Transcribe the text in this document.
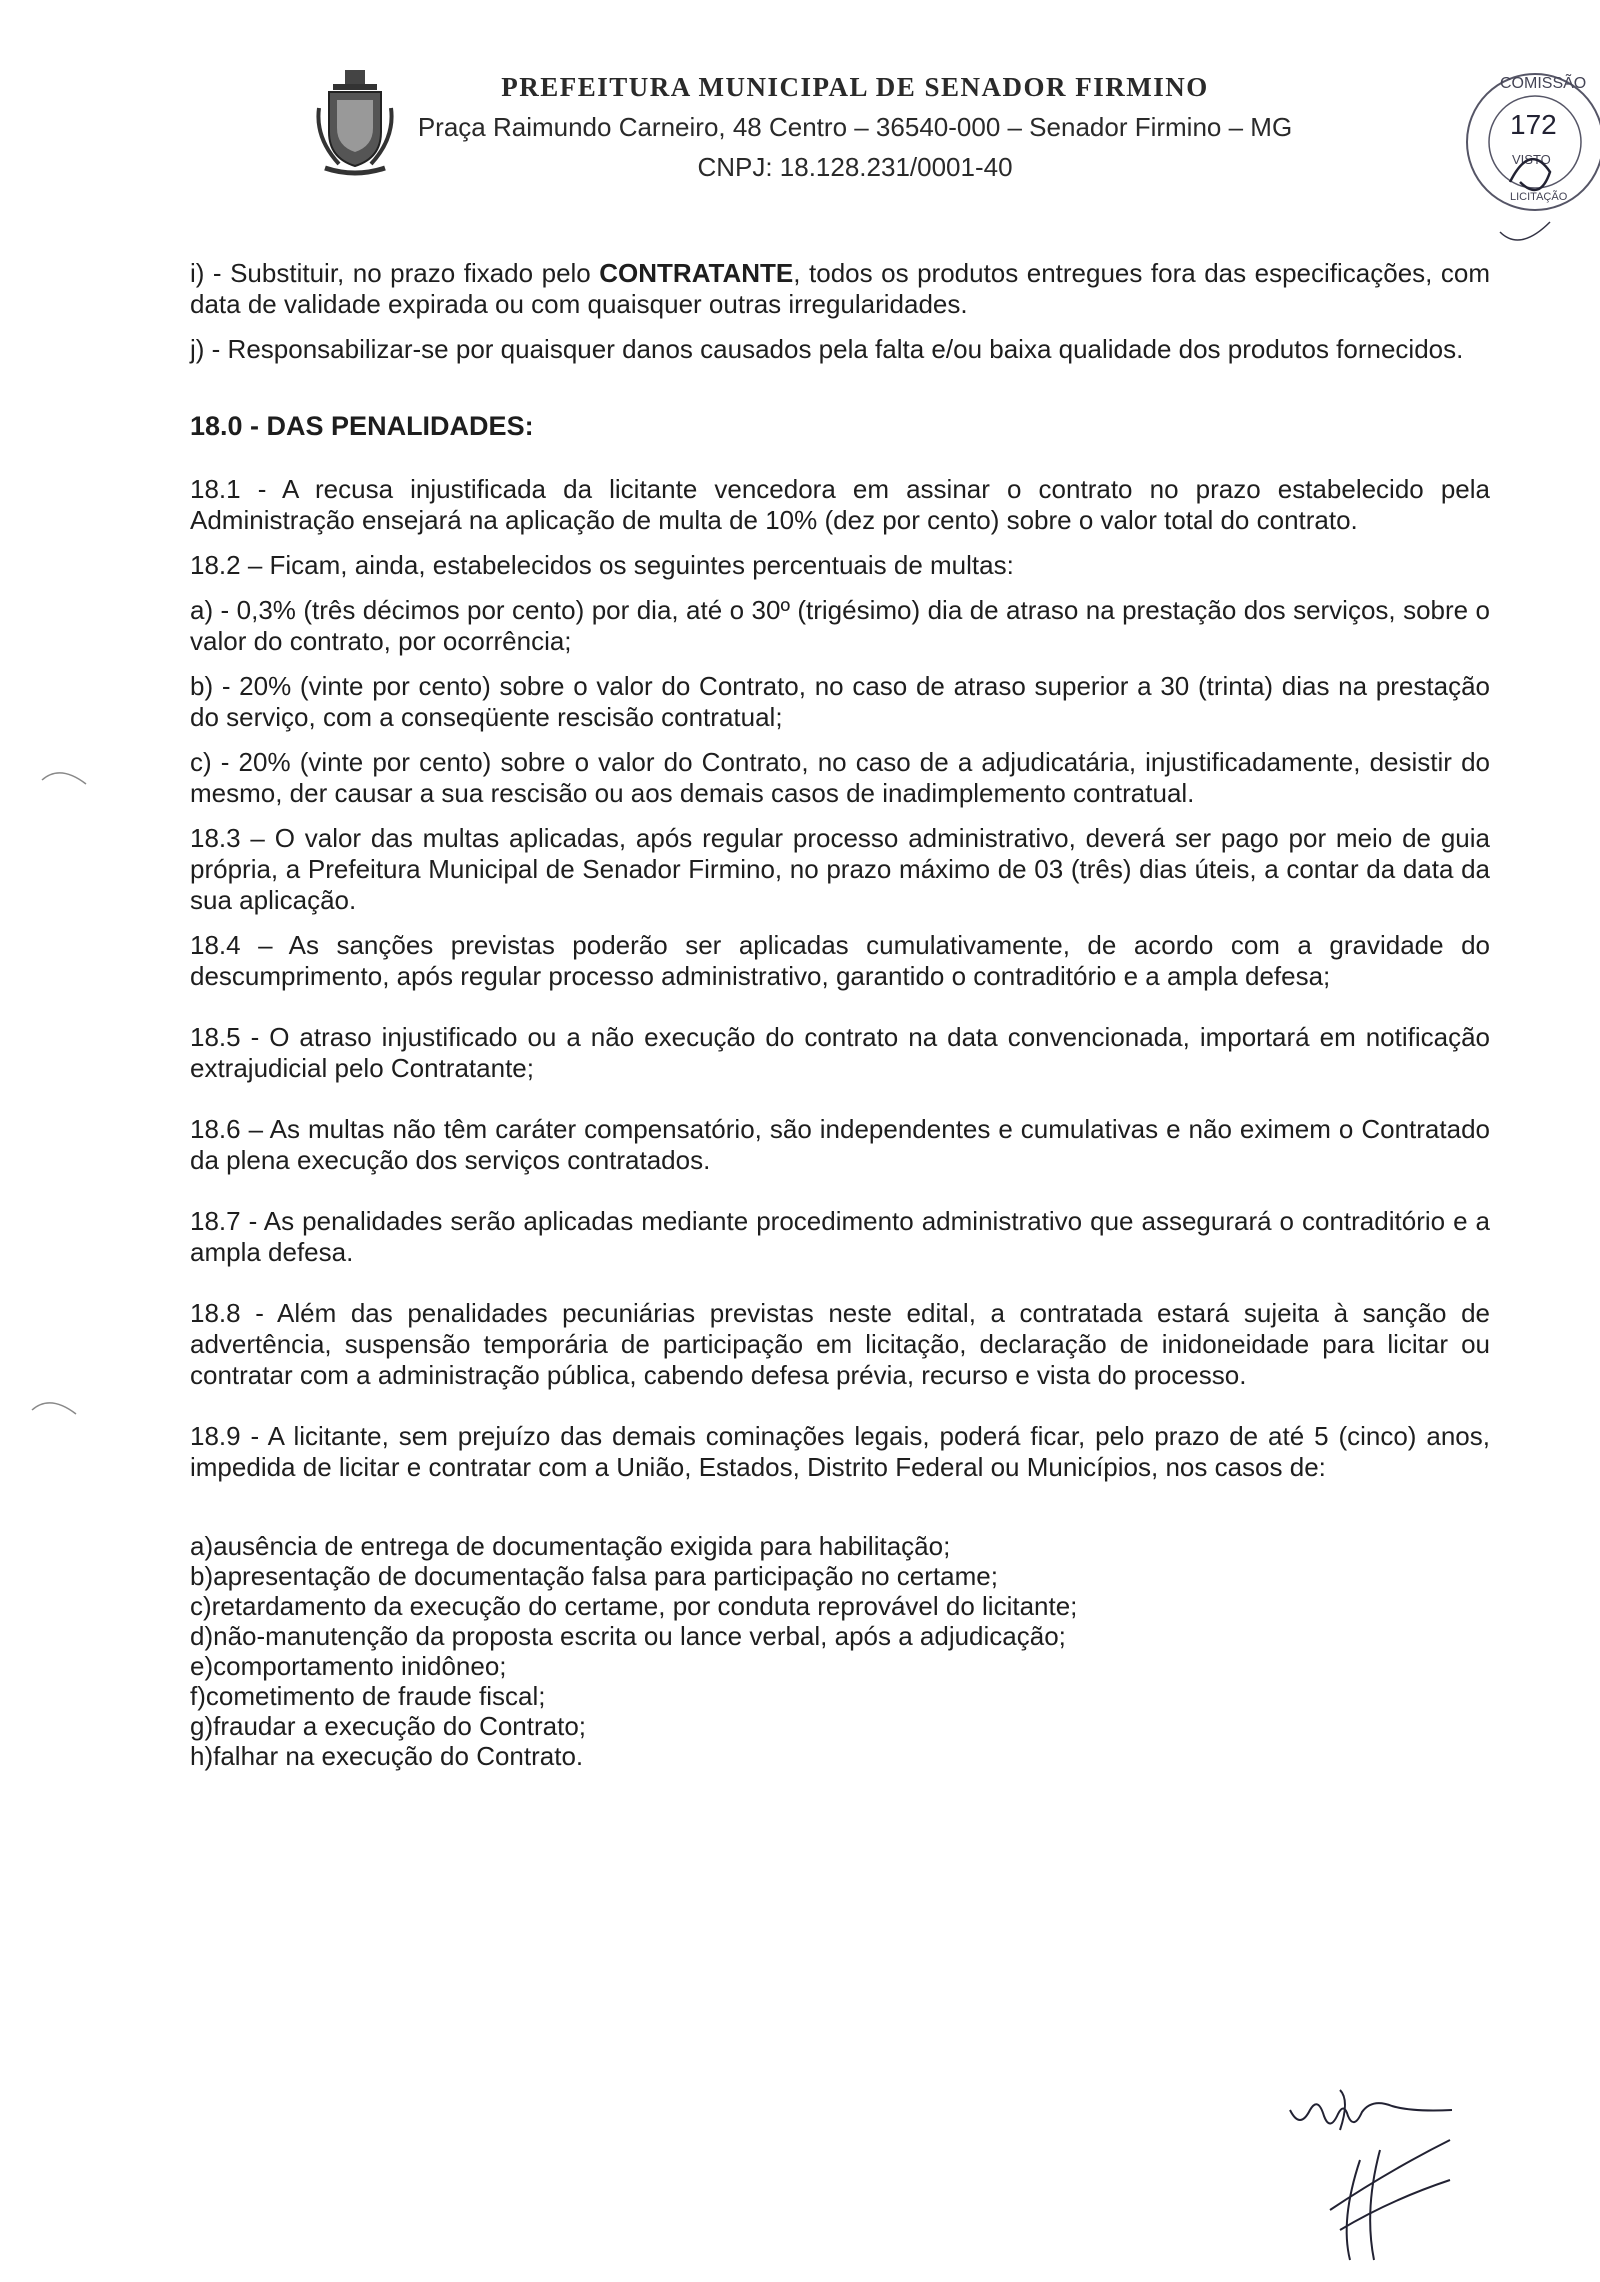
PREFEITURA MUNICIPAL DE SENADOR FIRMINO
Praça Raimundo Carneiro, 48 Centro – 36540-000 – Senador Firmino – MG
CNPJ: 18.128.231/0001-40
COMISSÃO
172
VISTO
LICITAÇÃO

i) - Substituir, no prazo fixado pelo CONTRATANTE, todos os produtos entregues fora das especificações, com data de validade expirada ou com quaisquer outras irregularidades.

j) - Responsabilizar-se por quaisquer danos causados pela falta e/ou baixa qualidade dos produtos fornecidos.

18.0 - DAS PENALIDADES:

18.1 - A recusa injustificada da licitante vencedora em assinar o contrato no prazo estabelecido pela Administração ensejará na aplicação de multa de 10% (dez por cento) sobre o valor total do contrato.

18.2 – Ficam, ainda, estabelecidos os seguintes percentuais de multas:

a) - 0,3% (três décimos por cento) por dia, até o 30º (trigésimo) dia de atraso na prestação dos serviços, sobre o valor do contrato, por ocorrência;

b) - 20% (vinte por cento) sobre o valor do Contrato, no caso de atraso superior a 30 (trinta) dias na prestação do serviço, com a conseqüente rescisão contratual;

c) - 20% (vinte por cento) sobre o valor do Contrato, no caso de a adjudicatária, injustificadamente, desistir do mesmo, der causar a sua rescisão ou aos demais casos de inadimplemento contratual.

18.3 – O valor das multas aplicadas, após regular processo administrativo, deverá ser pago por meio de guia própria, a Prefeitura Municipal de Senador Firmino, no prazo máximo de 03 (três) dias úteis, a contar da data da sua aplicação.

18.4 – As sanções previstas poderão ser aplicadas cumulativamente, de acordo com a gravidade do descumprimento, após regular processo administrativo, garantido o contraditório e a ampla defesa;

18.5 - O atraso injustificado ou a não execução do contrato na data convencionada, importará em notificação extrajudicial pelo Contratante;

18.6 – As multas não têm caráter compensatório, são independentes e cumulativas e não eximem o Contratado da plena execução dos serviços contratados.

18.7 - As penalidades serão aplicadas mediante procedimento administrativo que assegurará o contraditório e a ampla defesa.

18.8 - Além das penalidades pecuniárias previstas neste edital, a contratada estará sujeita à sanção de advertência, suspensão temporária de participação em licitação, declaração de inidoneidade para licitar ou contratar com a administração pública, cabendo defesa prévia, recurso e vista do processo.

18.9 - A licitante, sem prejuízo das demais cominações legais, poderá ficar, pelo prazo de até 5 (cinco) anos, impedida de licitar e contratar com a União, Estados, Distrito Federal ou Municípios, nos casos de:

a)ausência de entrega de documentação exigida para habilitação;
b)apresentação de documentação falsa para participação no certame;
c)retardamento da execução do certame, por conduta reprovável do licitante;
d)não-manutenção da proposta escrita ou lance verbal, após a adjudicação;
e)comportamento inidôneo;
f)cometimento de fraude fiscal;
g)fraudar a execução do Contrato;
h)falhar na execução do Contrato.
